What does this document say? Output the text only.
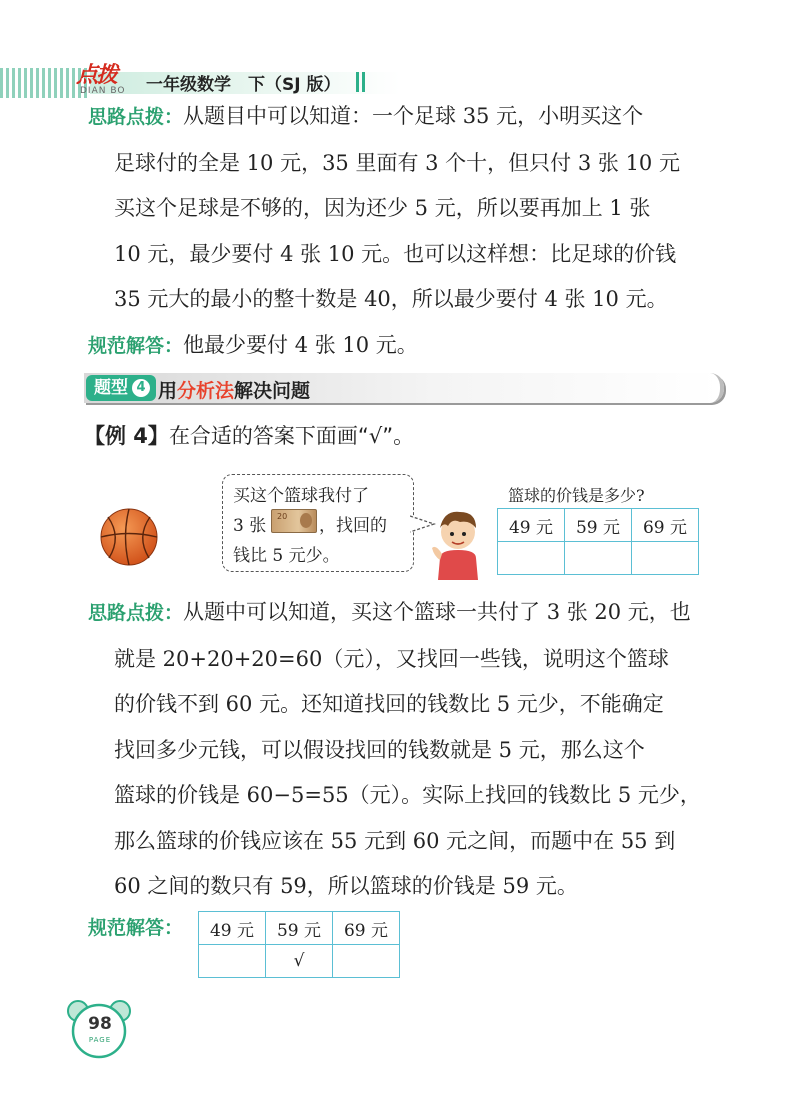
点拨
DIAN BO 一年级数学　下（SJ 版）
思路点拨：从题目中可以知道：一个足球 35 元，小明买这个
足球付的全是 10 元，35 里面有 3 个十，但只付 3 张 10 元
买这个足球是不够的，因为还少 5 元，所以要再加上 1 张
10 元，最少要付 4 张 10 元。也可以这样想：比足球的价钱
35 元大的最小的整十数是 40，所以最少要付 4 张 10 元。
规范解答：他最少要付 4 张 10 元。
题型 4 用分析法解决问题
【例 4】在合适的答案下面画“√”。
买这个篮球我付了
3 张 20 ，找回的
钱比 5 元少。
篮球的价钱是多少?
49 元	59 元	69 元

思路点拨：从题中可以知道，买这个篮球一共付了 3 张 20 元，也
就是 20+20+20=60（元），又找回一些钱，说明这个篮球
的价钱不到 60 元。还知道找回的钱数比 5 元少，不能确定
找回多少元钱，可以假设找回的钱数就是 5 元，那么这个
篮球的价钱是 60−5=55（元）。实际上找回的钱数比 5 元少，
那么篮球的价钱应该在 55 元到 60 元之间，而题中在 55 到
60 之间的数只有 59，所以篮球的价钱是 59 元。
规范解答： 49 元	59 元	69 元
	√	
98
PAGE
